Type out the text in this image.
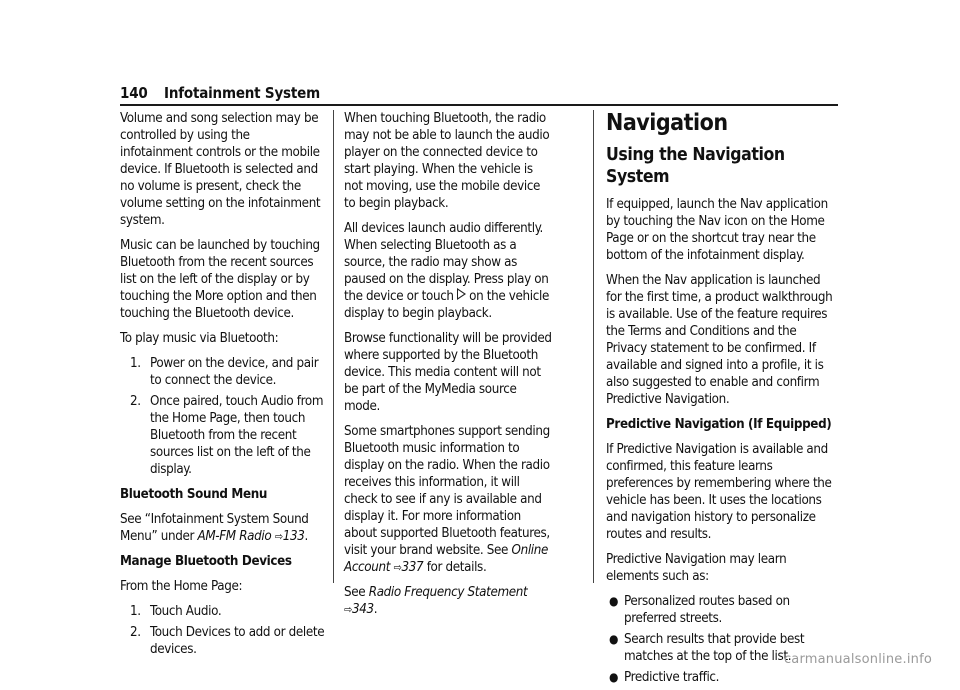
140 Infotainment System

Volume and song selection may be controlled by using the infotainment controls or the mobile device. If Bluetooth is selected and no volume is present, check the volume setting on the infotainment system.

Music can be launched by touching Bluetooth from the recent sources list on the left of the display or by touching the More option and then touching the Bluetooth device.

To play music via Bluetooth:

1. Power on the device, and pair to connect the device.
2. Once paired, touch Audio from the Home Page, then touch Bluetooth from the recent sources list on the left of the display.

Bluetooth Sound Menu

See “Infotainment System Sound Menu” under AM-FM Radio ⇨133.

Manage Bluetooth Devices

From the Home Page:

1. Touch Audio.
2. Touch Devices to add or delete devices.

When touching Bluetooth, the radio may not be able to launch the audio player on the connected device to start playing. When the vehicle is not moving, use the mobile device to begin playback.

All devices launch audio differently. When selecting Bluetooth as a source, the radio may show as paused on the display. Press play on the device or touch on the vehicle display to begin playback.

Browse functionality will be provided where supported by the Bluetooth device. This media content will not be part of the MyMedia source mode.

Some smartphones support sending Bluetooth music information to display on the radio. When the radio receives this information, it will check to see if any is available and display it. For more information about supported Bluetooth features, visit your brand website. See Online Account ⇨337 for details.

See Radio Frequency Statement ⇨343.

Navigation
Using the Navigation System

If equipped, launch the Nav application by touching the Nav icon on the Home Page or on the shortcut tray near the bottom of the infotainment display.

When the Nav application is launched for the first time, a product walkthrough is available. Use of the feature requires the Terms and Conditions and the Privacy statement to be confirmed. If available and signed into a profile, it is also suggested to enable and confirm Predictive Navigation.

Predictive Navigation (If Equipped)

If Predictive Navigation is available and confirmed, this feature learns preferences by remembering where the vehicle has been. It uses the locations and navigation history to personalize routes and results.

Predictive Navigation may learn elements such as:

● Personalized routes based on preferred streets.
● Search results that provide best matches at the top of the list.
● Predictive traffic.
carmanualsonline.info
